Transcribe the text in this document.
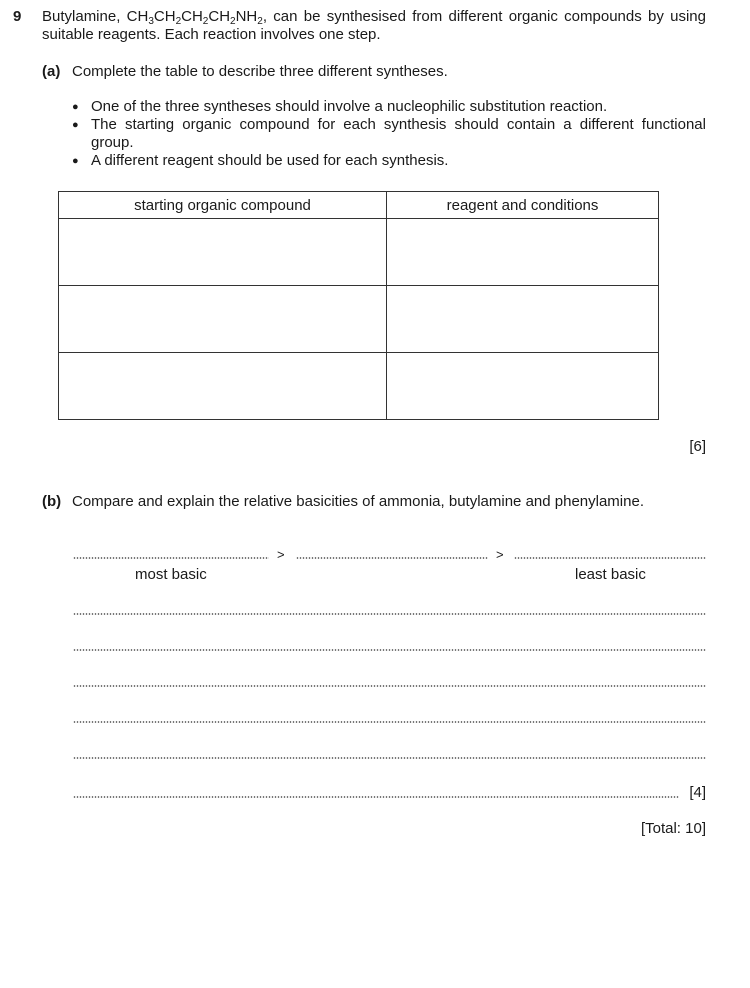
9 Butylamine, $CH_3CH_2CH_2CH_2NH_2$, can be synthesised from different organic compounds by using suitable reagents. Each reaction involves one step.
(a) Complete the table to describe three different syntheses.
● One of the three syntheses should involve a nucleophilic substitution reaction.
● The starting organic compound for each synthesis should contain a different functional group.
● A different reagent should be used for each synthesis.
starting organic compound	reagent and conditions

[6]
(b) Compare and explain the relative basicities of ammonia, butylamine and phenylamine.
>	>
most basic	least basic
[4]
[Total: 10]
